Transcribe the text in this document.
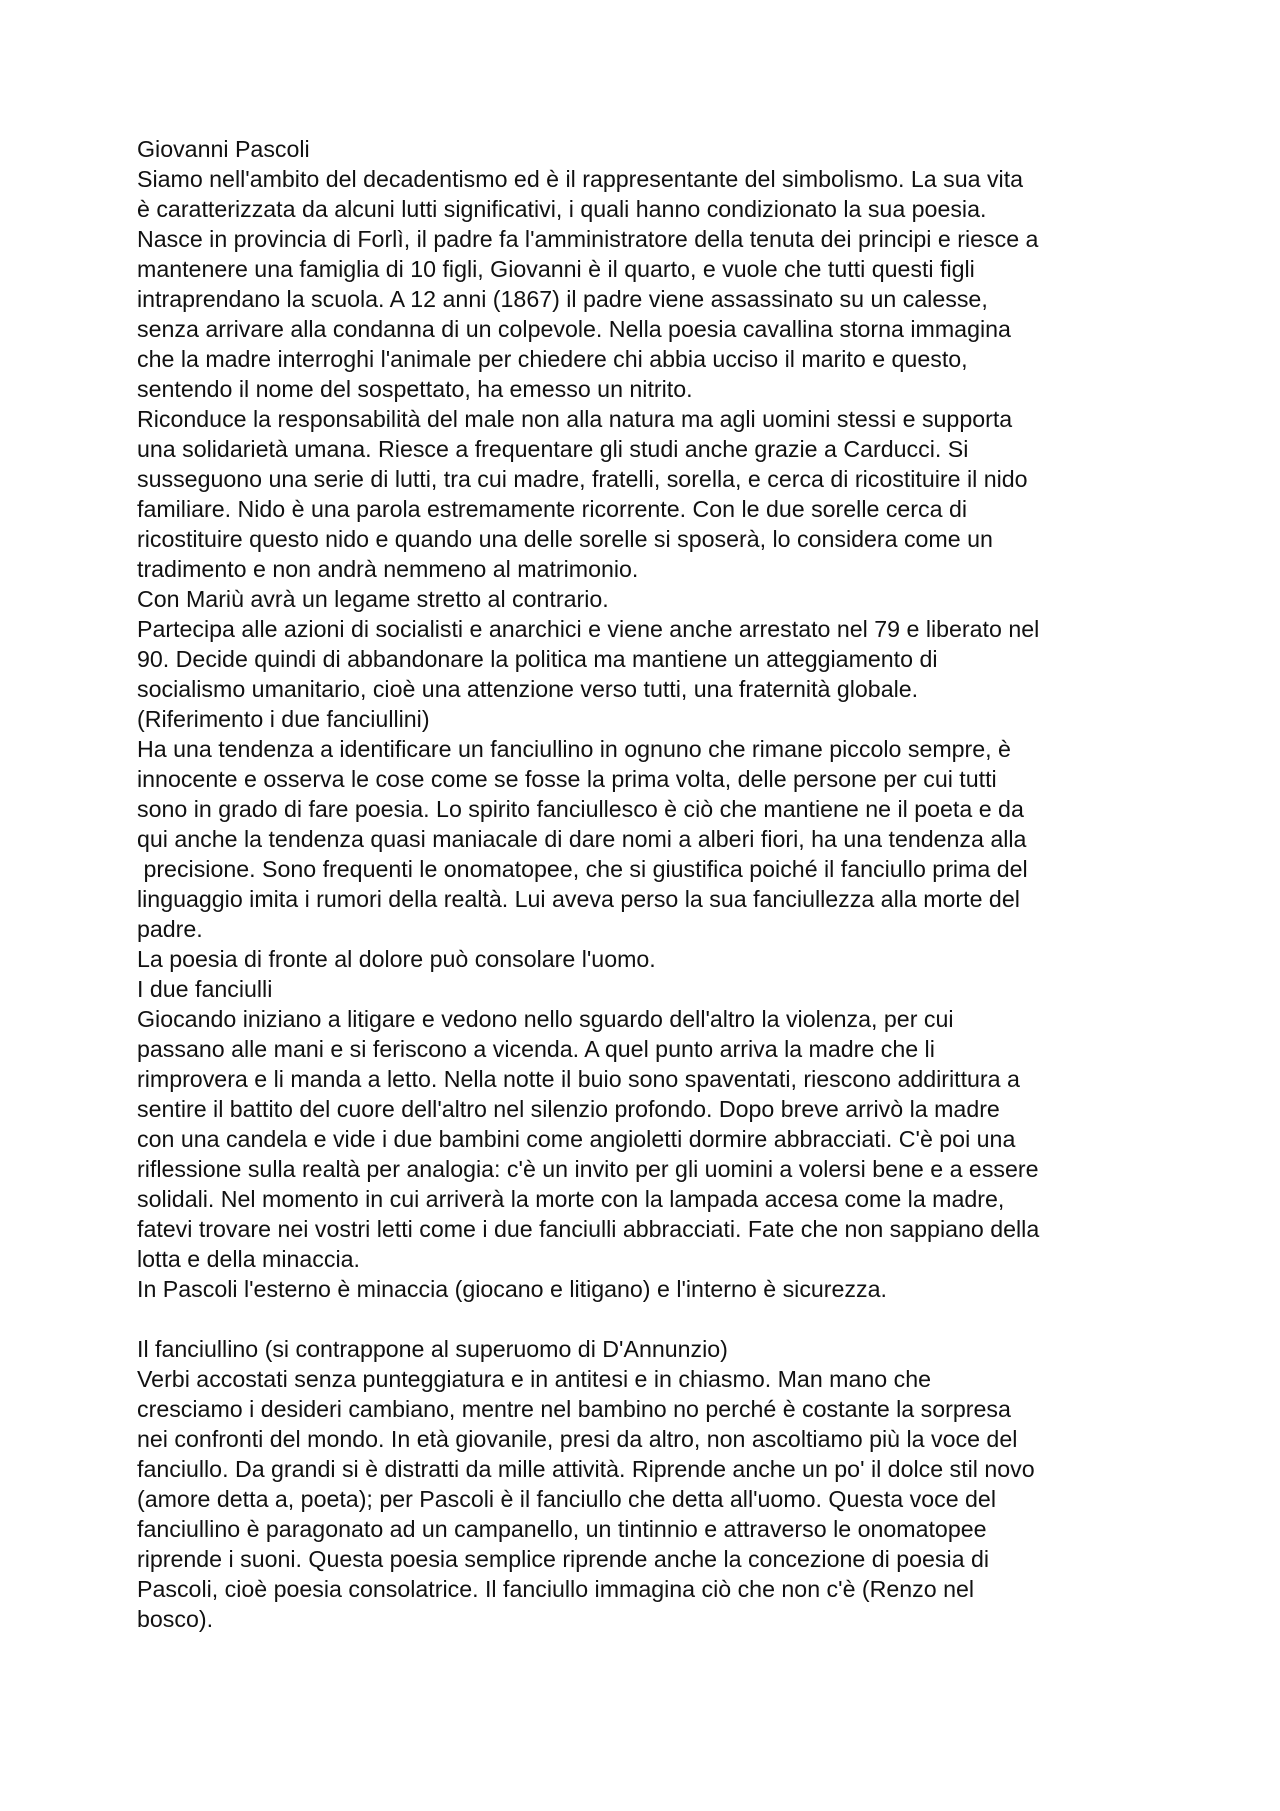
Giovanni Pascoli
Siamo nell'ambito del decadentismo ed è il rappresentante del simbolismo. La sua vita
è caratterizzata da alcuni lutti significativi, i quali hanno condizionato la sua poesia.
Nasce in provincia di Forlì, il padre fa l'amministratore della tenuta dei principi e riesce a
mantenere una famiglia di 10 figli, Giovanni è il quarto, e vuole che tutti questi figli
intraprendano la scuola. A 12 anni (1867) il padre viene assassinato su un calesse,
senza arrivare alla condanna di un colpevole. Nella poesia cavallina storna immagina
che la madre interroghi l'animale per chiedere chi abbia ucciso il marito e questo,
sentendo il nome del sospettato, ha emesso un nitrito.
Riconduce la responsabilità del male non alla natura ma agli uomini stessi e supporta
una solidarietà umana. Riesce a frequentare gli studi anche grazie a Carducci. Si
susseguono una serie di lutti, tra cui madre, fratelli, sorella, e cerca di ricostituire il nido
familiare. Nido è una parola estremamente ricorrente. Con le due sorelle cerca di
ricostituire questo nido e quando una delle sorelle si sposerà, lo considera come un
tradimento e non andrà nemmeno al matrimonio.
Con Mariù avrà un legame stretto al contrario.
Partecipa alle azioni di socialisti e anarchici e viene anche arrestato nel 79 e liberato nel
90. Decide quindi di abbandonare la politica ma mantiene un atteggiamento di
socialismo umanitario, cioè una attenzione verso tutti, una fraternità globale.
(Riferimento i due fanciullini)
Ha una tendenza a identificare un fanciullino in ognuno che rimane piccolo sempre, è
innocente e osserva le cose come se fosse la prima volta, delle persone per cui tutti
sono in grado di fare poesia. Lo spirito fanciullesco è ciò che mantiene ne il poeta e da
qui anche la tendenza quasi maniacale di dare nomi a alberi fiori, ha una tendenza alla
precisione. Sono frequenti le onomatopee, che si giustifica poiché il fanciullo prima del
linguaggio imita i rumori della realtà. Lui aveva perso la sua fanciullezza alla morte del
padre.
La poesia di fronte al dolore può consolare l'uomo.
I due fanciulli
Giocando iniziano a litigare e vedono nello sguardo dell'altro la violenza, per cui
passano alle mani e si feriscono a vicenda. A quel punto arriva la madre che li
rimprovera e li manda a letto. Nella notte il buio sono spaventati, riescono addirittura a
sentire il battito del cuore dell'altro nel silenzio profondo. Dopo breve arrivò la madre
con una candela e vide i due bambini come angioletti dormire abbracciati. C'è poi una
riflessione sulla realtà per analogia: c'è un invito per gli uomini a volersi bene e a essere
solidali. Nel momento in cui arriverà la morte con la lampada accesa come la madre,
fatevi trovare nei vostri letti come i due fanciulli abbracciati. Fate che non sappiano della
lotta e della minaccia.
In Pascoli l'esterno è minaccia (giocano e litigano) e l'interno è sicurezza.
Il fanciullino (si contrappone al superuomo di D'Annunzio)
Verbi accostati senza punteggiatura e in antitesi e in chiasmo. Man mano che
cresciamo i desideri cambiano, mentre nel bambino no perché è costante la sorpresa
nei confronti del mondo. In età giovanile, presi da altro, non ascoltiamo più la voce del
fanciullo. Da grandi si è distratti da mille attività. Riprende anche un po' il dolce stil novo
(amore detta a, poeta); per Pascoli è il fanciullo che detta all'uomo. Questa voce del
fanciullino è paragonato ad un campanello, un tintinnio e attraverso le onomatopee
riprende i suoni. Questa poesia semplice riprende anche la concezione di poesia di
Pascoli, cioè poesia consolatrice. Il fanciullo immagina ciò che non c'è (Renzo nel
bosco).
